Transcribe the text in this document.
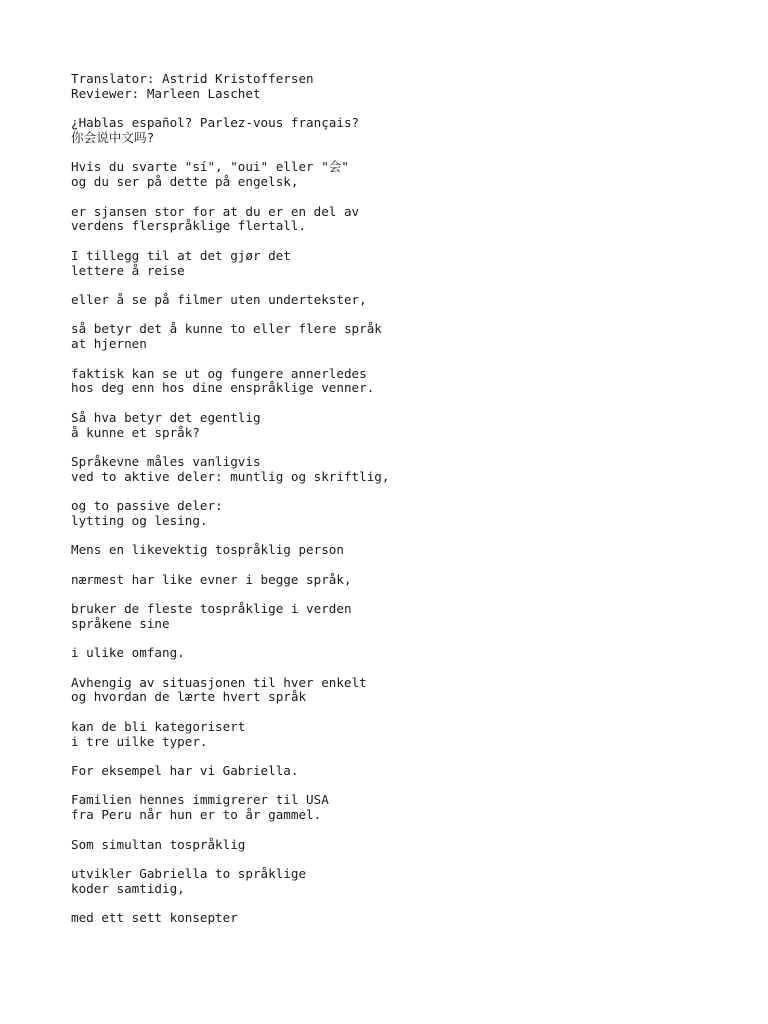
Translator: Astrid Kristoffersen
Reviewer: Marleen Laschet
¿Hablas español? Parlez-vous français?
你会说中文吗?
Hvis du svarte "sí", "oui" eller "会"
og du ser på dette på engelsk,
er sjansen stor for at du er en del av
verdens flerspråklige flertall.
I tillegg til at det gjør det
lettere å reise
eller å se på filmer uten undertekster,
så betyr det å kunne to eller flere språk
at hjernen
faktisk kan se ut og fungere annerledes
hos deg enn hos dine enspråklige venner.
Så hva betyr det egentlig
å kunne et språk?
Språkevne måles vanligvis
ved to aktive deler: muntlig og skriftlig,
og to passive deler:
lytting og lesing.
Mens en likevektig tospråklig person
nærmest har like evner i begge språk,
bruker de fleste tospråklige i verden
språkene sine
i ulike omfang.
Avhengig av situasjonen til hver enkelt
og hvordan de lærte hvert språk
kan de bli kategorisert
i tre uilke typer.
For eksempel har vi Gabriella.
Familien hennes immigrerer til USA
fra Peru når hun er to år gammel.
Som simultan tospråklig
utvikler Gabriella to språklige
koder samtidig,
med ett sett konsepter
